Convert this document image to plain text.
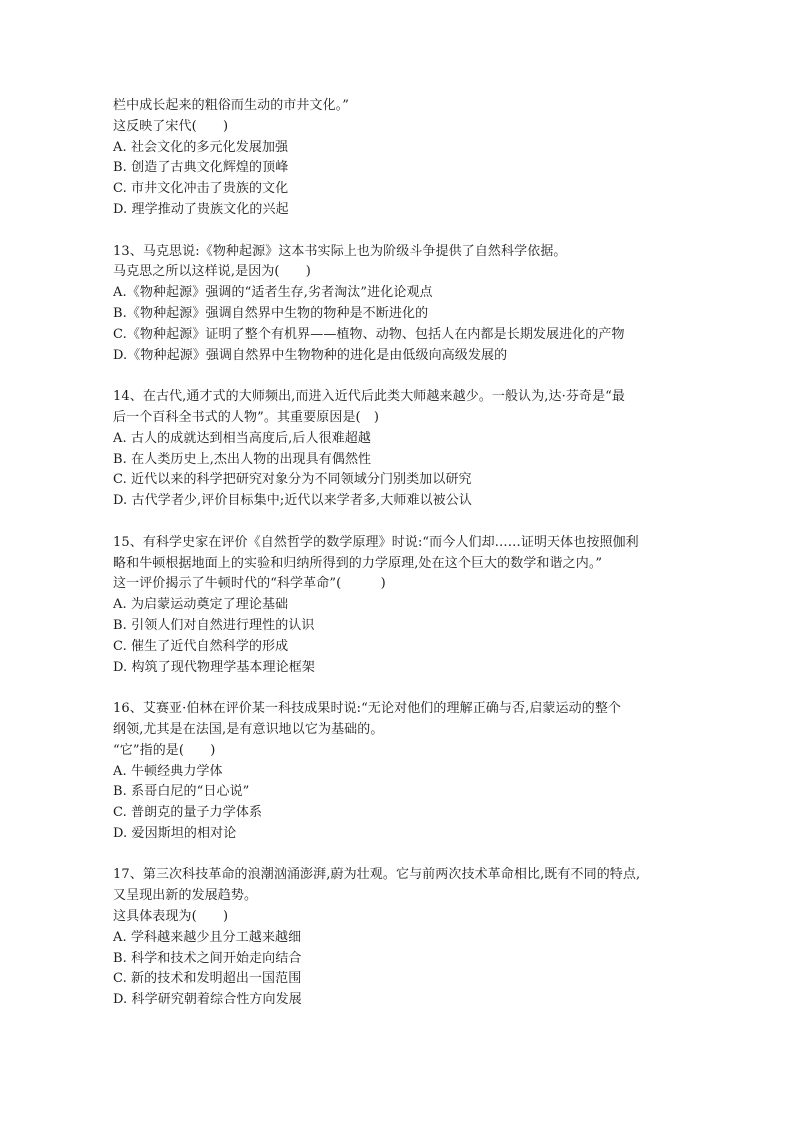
栏中成长起来的粗俗而生动的市井文化。”
这反映了宋代(　　)
A. 社会文化的多元化发展加强
B. 创造了古典文化辉煌的顶峰
C. 市井文化冲击了贵族的文化
D. 理学推动了贵族文化的兴起
13、马克思说:《物种起源》这本书实际上也为阶级斗争提供了自然科学依据。
马克思之所以这样说,是因为(　　)
A.《物种起源》强调的“适者生存,劣者淘汰”进化论观点
B.《物种起源》强调自然界中生物的物种是不断进化的
C.《物种起源》证明了整个有机界——植物、动物、包括人在内都是长期发展进化的产物
D.《物种起源》强调自然界中生物物种的进化是由低级向高级发展的
14、在古代,通才式的大师频出,而进入近代后此类大师越来越少。一般认为,达·芬奇是“最
后一个百科全书式的人物”。其重要原因是(　)
A. 古人的成就达到相当高度后,后人很难超越
B. 在人类历史上,杰出人物的出现具有偶然性
C. 近代以来的科学把研究对象分为不同领域分门别类加以研究
D. 古代学者少,评价目标集中;近代以来学者多,大师难以被公认
15、有科学史家在评价《自然哲学的数学原理》时说:“而今人们却……证明天体也按照伽利
略和牛顿根据地面上的实验和归纳所得到的力学原理,处在这个巨大的数学和谐之内。”
这一评价揭示了牛顿时代的“科学革命”(　　　)
A. 为启蒙运动奠定了理论基础
B. 引领人们对自然进行理性的认识
C. 催生了近代自然科学的形成
D. 构筑了现代物理学基本理论框架
16、艾赛亚·伯林在评价某一科技成果时说:“无论对他们的理解正确与否,启蒙运动的整个
纲领,尤其是在法国,是有意识地以它为基础的。
“它”指的是(　　)
A. 牛顿经典力学体
B. 系哥白尼的“日心说”
C. 普朗克的量子力学体系
D. 爱因斯坦的相对论
17、第三次科技革命的浪潮汹涌澎湃,蔚为壮观。它与前两次技术革命相比,既有不同的特点,
又呈现出新的发展趋势。
这具体表现为(　　)
A. 学科越来越少且分工越来越细
B. 科学和技术之间开始走向结合
C. 新的技术和发明超出一国范围
D. 科学研究朝着综合性方向发展
